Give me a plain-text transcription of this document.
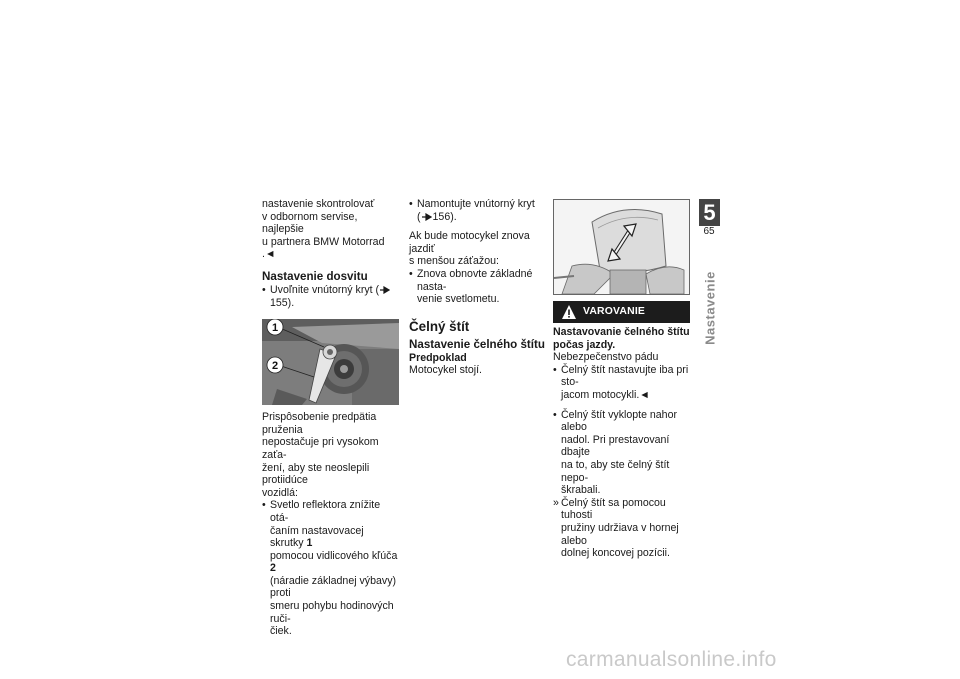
nastavenie skontrolovať

v odbornom servise, najlepšie

u partnera BMW Motorrad .◄

Nastavenie dosvitu
• Uvoľnite vnútorný kryt (155).
1
2

Prispôsobenie predpätia pruženia

nepostačuje pri vysokom zaťa-

žení, aby ste neoslepili protiidúce

vozidlá:

• Svetlo reflektora znížite otá-

čaním nastavovacej skrutky 1

pomocou vidlicového kľúča 2

(náradie základnej výbavy) proti

smeru pohybu hodinových ruči-

čiek.

• Namontujte vnútorný kryt

( 156).

Ak bude motocykel znova jazdiť

s menšou záťažou:

• Znova obnovte základné nasta-

venie svetlometu.

Čelný štít
Nastavenie čelného štítu
Predpoklad

Motocykel stojí.

VAROVANIE

Nastavovanie čelného štítu

počas jazdy.

Nebezpečenstvo pádu

• Čelný štít nastavujte iba pri sto-

jacom motocykli.◄

• Čelný štít vyklopte nahor alebo

nadol. Pri prestavovaní dbajte

na to, aby ste čelný štít nepo-

škrabali.

» Čelný štít sa pomocou tuhosti

pružiny udržiava v hornej alebo

dolnej koncovej pozícii.

5
65
Nastavenie
carmanualsonline.info
